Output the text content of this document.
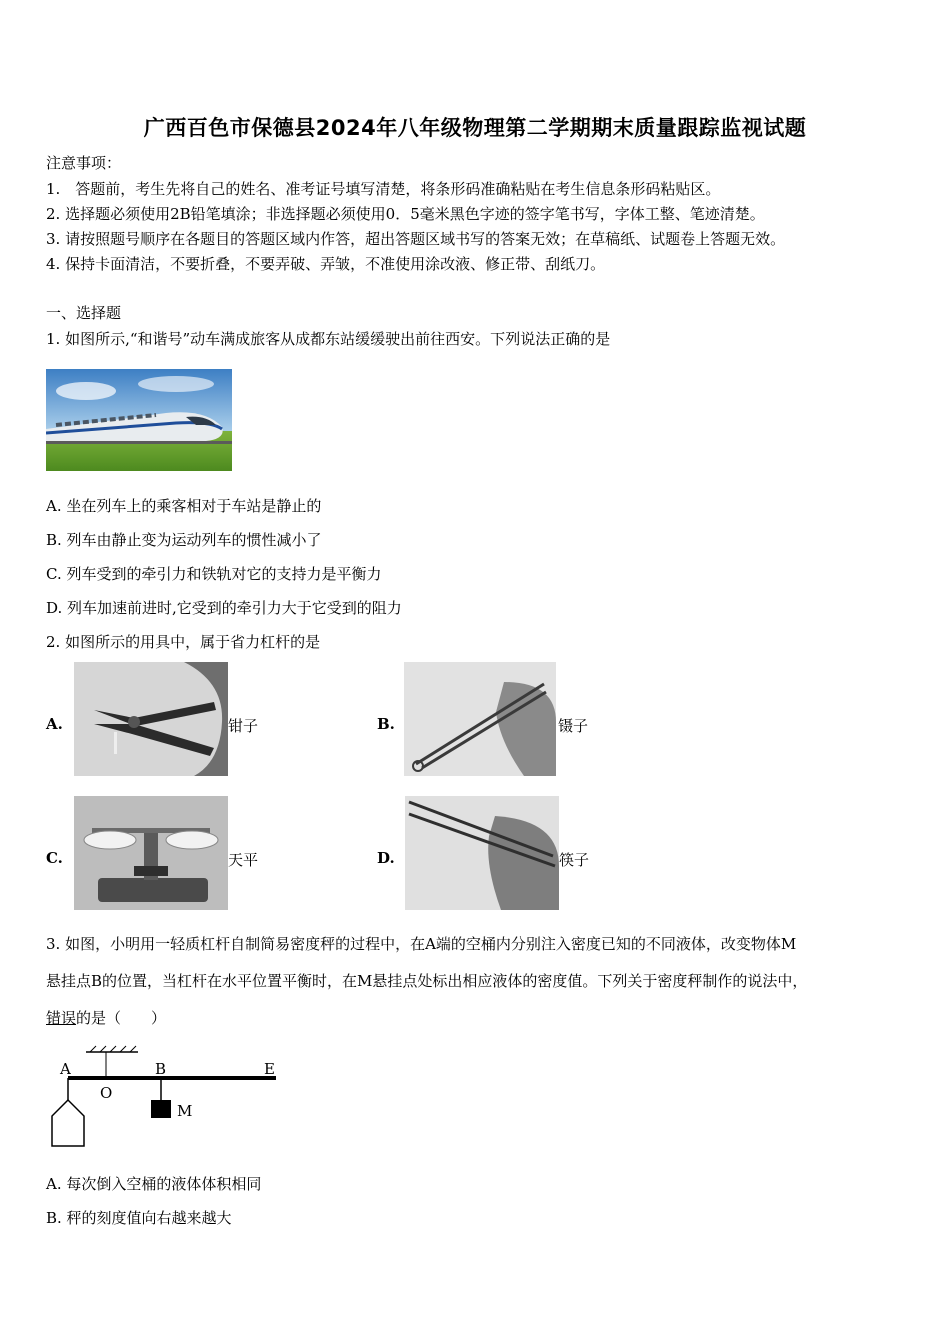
广西百色市保德县2024年八年级物理第二学期期末质量跟踪监视试题
注意事项：
1.　答题前，考生先将自己的姓名、准考证号填写清楚，将条形码准确粘贴在考生信息条形码粘贴区。
2. 选择题必须使用2B铅笔填涂；非选择题必须使用0．5毫米黑色字迹的签字笔书写，字体工整、笔迹清楚。
3. 请按照题号顺序在各题目的答题区域内作答，超出答题区域书写的答案无效；在草稿纸、试题卷上答题无效。
4. 保持卡面清洁，不要折叠，不要弄破、弄皱，不准使用涂改液、修正带、刮纸刀。
一、选择题
1. 如图所示,“和谐号”动车满成旅客从成都东站缓缓驶出前往西安。下列说法正确的是
A. 坐在列车上的乘客相对于车站是静止的
B. 列车由静止变为运动列车的惯性减小了
C. 列车受到的牵引力和铁轨对它的支持力是平衡力
D. 列车加速前进时,它受到的牵引力大于它受到的阻力
2. 如图所示的用具中，属于省力杠杆的是
A.	钳子	B.	镊子
C.	天平	D.	筷子
3. 如图，小明用一轻质杠杆自制简易密度秤的过程中，在A端的空桶内分别注入密度已知的不同液体，改变物体M
悬挂点B的位置，当杠杆在水平位置平衡时，在M悬挂点处标出相应液体的密度值。下列关于密度秤制作的说法中，
错误的是（　　）
A
O
B	E
M
A. 每次倒入空桶的液体体积相同
B. 秤的刻度值向右越来越大
